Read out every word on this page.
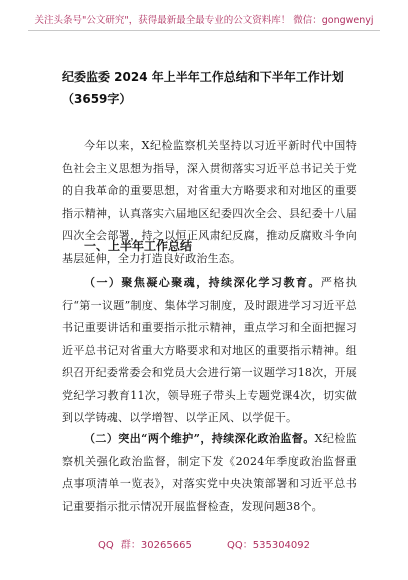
关注头条号"公文研究"，获得最新最全最专业的公文资料库！ 微信：gongwenyj
纪委监委 2024 年上半年工作总结和下半年工作计划（3659字）

今年以来，X纪检监察机关坚持以习近平新时代中国特色社会主义思想为指导，深入贯彻落实习近平总书记关于党的自我革命的重要思想，对省重大方略要求和对地区的重要指示精神，认真落实六届地区纪委四次全会、县纪委十八届四次全会部署，持之以恒正风肃纪反腐，推动反腐败斗争向基层延伸，全力打造良好政治生态。

一、上半年工作总结

（一）聚焦凝心聚魂，持续深化学习教育。严格执行“第一议题”制度、集体学习制度，及时跟进学习习近平总书记重要讲话和重要指示批示精神，重点学习和全面把握习近平总书记对省重大方略要求和对地区的重要指示精神。组织召开纪委常委会和党员大会进行第一议题学习18次，开展党纪学习教育11次，领导班子带头上专题党课4次，切实做到以学铸魂、以学增智、以学正风、以学促干。

（二）突出“两个维护”，持续深化政治监督。X纪检监察机关强化政治监督，制定下发《2024年季度政治监督重点事项清单一览表》，对落实党中央决策部署和习近平总书记重要指示批示情况开展监督检查，发现问题38个。

QQ 群：30265665	QQ：535304092
